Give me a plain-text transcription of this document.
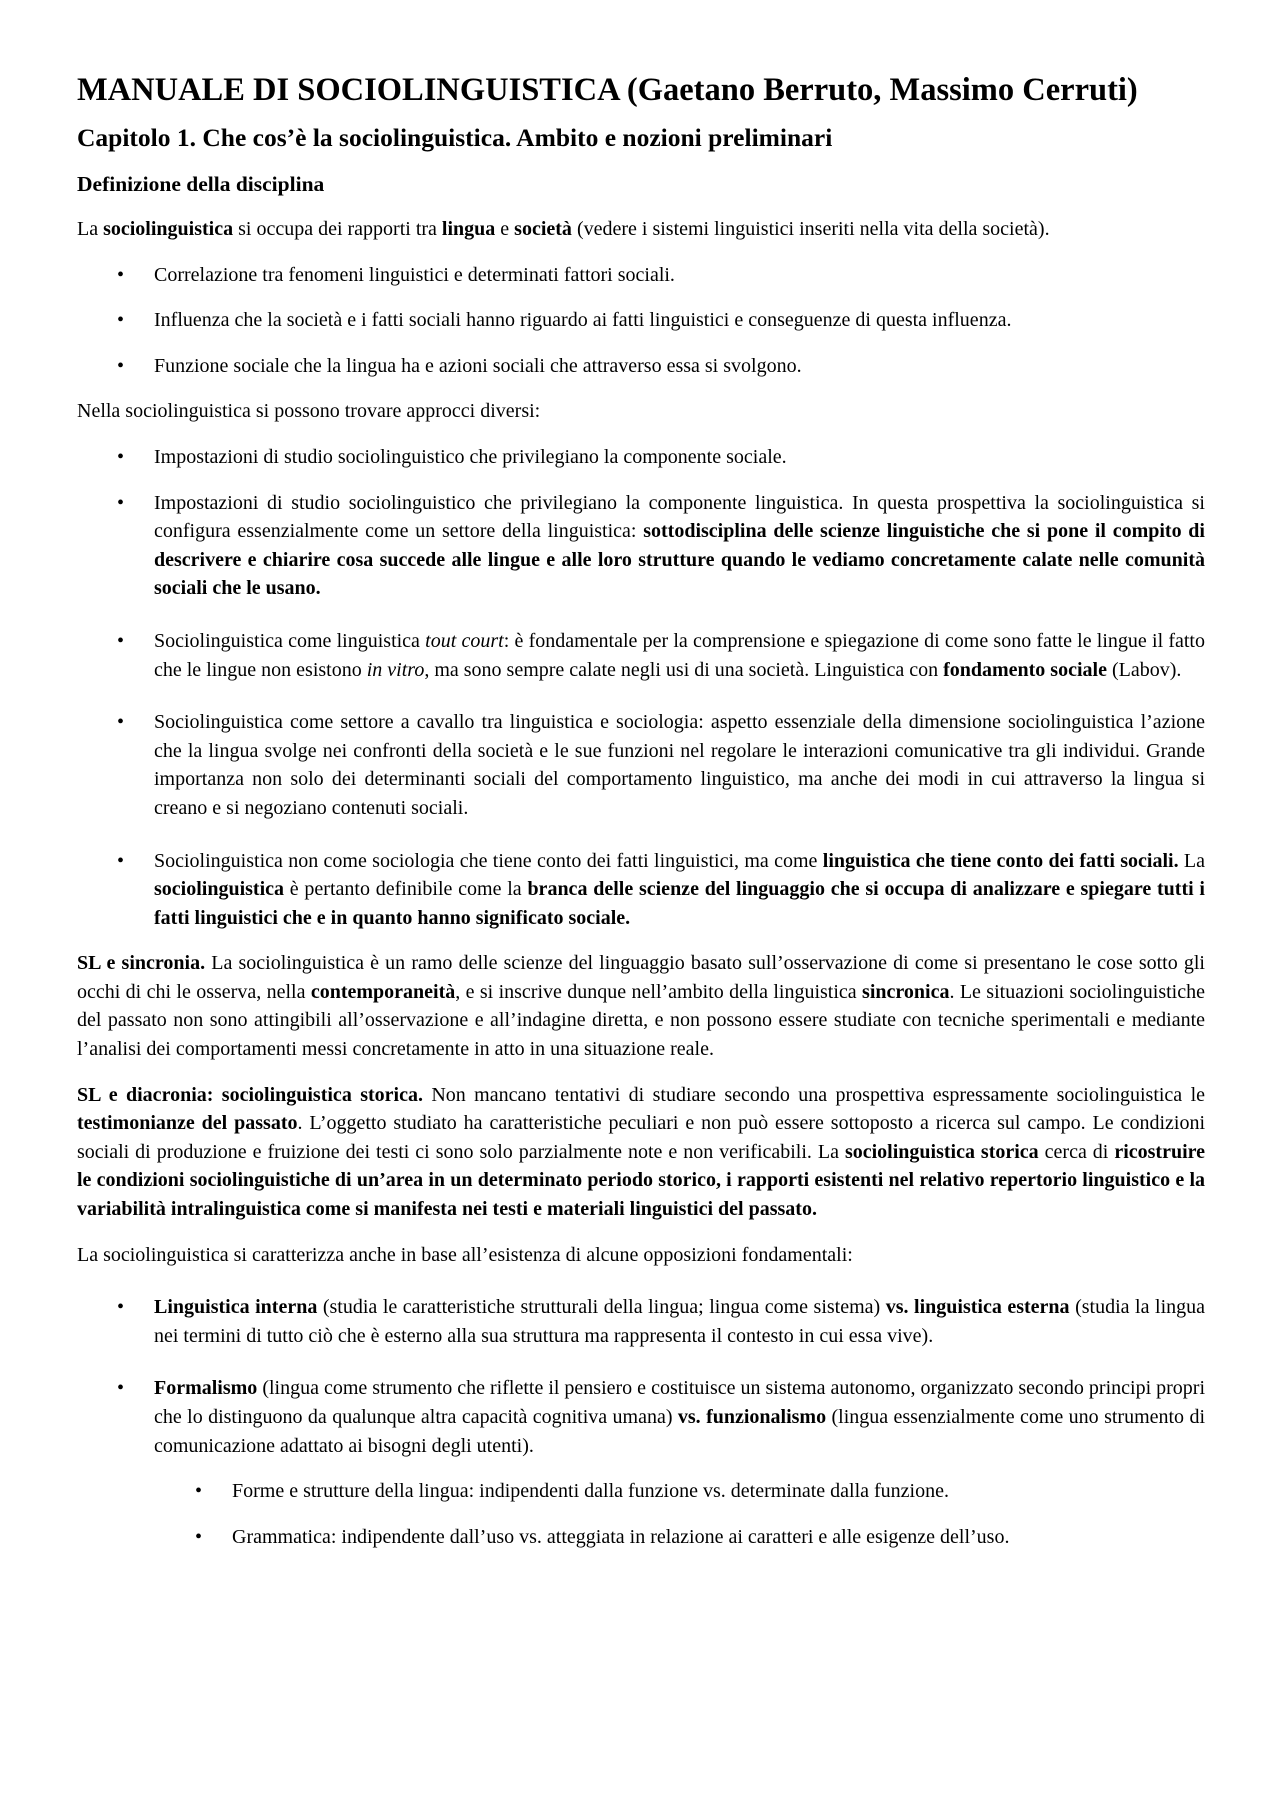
MANUALE DI SOCIOLINGUISTICA (Gaetano Berruto, Massimo Cerruti)
Capitolo 1. Che cos’è la sociolinguistica. Ambito e nozioni preliminari
Definizione della disciplina

La sociolinguistica si occupa dei rapporti tra lingua e società (vedere i sistemi linguistici inseriti nella vita della società).

• Correlazione tra fenomeni linguistici e determinati fattori sociali.
• Influenza che la società e i fatti sociali hanno riguardo ai fatti linguistici e conseguenze di questa influenza.
• Funzione sociale che la lingua ha e azioni sociali che attraverso essa si svolgono.

Nella sociolinguistica si possono trovare approcci diversi:

• Impostazioni di studio sociolinguistico che privilegiano la componente sociale.
• Impostazioni di studio sociolinguistico che privilegiano la componente linguistica. In questa prospettiva la sociolinguistica si configura essenzialmente come un settore della linguistica: sottodisciplina delle scienze linguistiche che si pone il compito di descrivere e chiarire cosa succede alle lingue e alle loro strutture quando le vediamo concretamente calate nelle comunità sociali che le usano.
• Sociolinguistica come linguistica tout court: è fondamentale per la comprensione e spiegazione di come sono fatte le lingue il fatto che le lingue non esistono in vitro, ma sono sempre calate negli usi di una società. Linguistica con fondamento sociale (Labov).
• Sociolinguistica come settore a cavallo tra linguistica e sociologia: aspetto essenziale della dimensione sociolinguistica l’azione che la lingua svolge nei confronti della società e le sue funzioni nel regolare le interazioni comunicative tra gli individui. Grande importanza non solo dei determinanti sociali del comportamento linguistico, ma anche dei modi in cui attraverso la lingua si creano e si negoziano contenuti sociali.
• Sociolinguistica non come sociologia che tiene conto dei fatti linguistici, ma come linguistica che tiene conto dei fatti sociali. La sociolinguistica è pertanto definibile come la branca delle scienze del linguaggio che si occupa di analizzare e spiegare tutti i fatti linguistici che e in quanto hanno significato sociale.

SL e sincronia. La sociolinguistica è un ramo delle scienze del linguaggio basato sull’osservazione di come si presentano le cose sotto gli occhi di chi le osserva, nella contemporaneità, e si inscrive dunque nell’ambito della linguistica sincronica. Le situazioni sociolinguistiche del passato non sono attingibili all’osservazione e all’indagine diretta, e non possono essere studiate con tecniche sperimentali e mediante l’analisi dei comportamenti messi concretamente in atto in una situazione reale.

SL e diacronia: sociolinguistica storica. Non mancano tentativi di studiare secondo una prospettiva espressamente sociolinguistica le testimonianze del passato. L’oggetto studiato ha caratteristiche peculiari e non può essere sottoposto a ricerca sul campo. Le condizioni sociali di produzione e fruizione dei testi ci sono solo parzialmente note e non verificabili. La sociolinguistica storica cerca di ricostruire le condizioni sociolinguistiche di un’area in un determinato periodo storico, i rapporti esistenti nel relativo repertorio linguistico e la variabilità intralinguistica come si manifesta nei testi e materiali linguistici del passato.

La sociolinguistica si caratterizza anche in base all’esistenza di alcune opposizioni fondamentali:

• Linguistica interna (studia le caratteristiche strutturali della lingua; lingua come sistema) vs. linguistica esterna (studia la lingua nei termini di tutto ciò che è esterno alla sua struttura ma rappresenta il contesto in cui essa vive).
• Formalismo (lingua come strumento che riflette il pensiero e costituisce un sistema autonomo, organizzato secondo principi propri che lo distinguono da qualunque altra capacità cognitiva umana) vs. funzionalismo (lingua essenzialmente come uno strumento di comunicazione adattato ai bisogni degli utenti).
• Forme e strutture della lingua: indipendenti dalla funzione vs. determinate dalla funzione.
• Grammatica: indipendente dall’uso vs. atteggiata in relazione ai caratteri e alle esigenze dell’uso.
